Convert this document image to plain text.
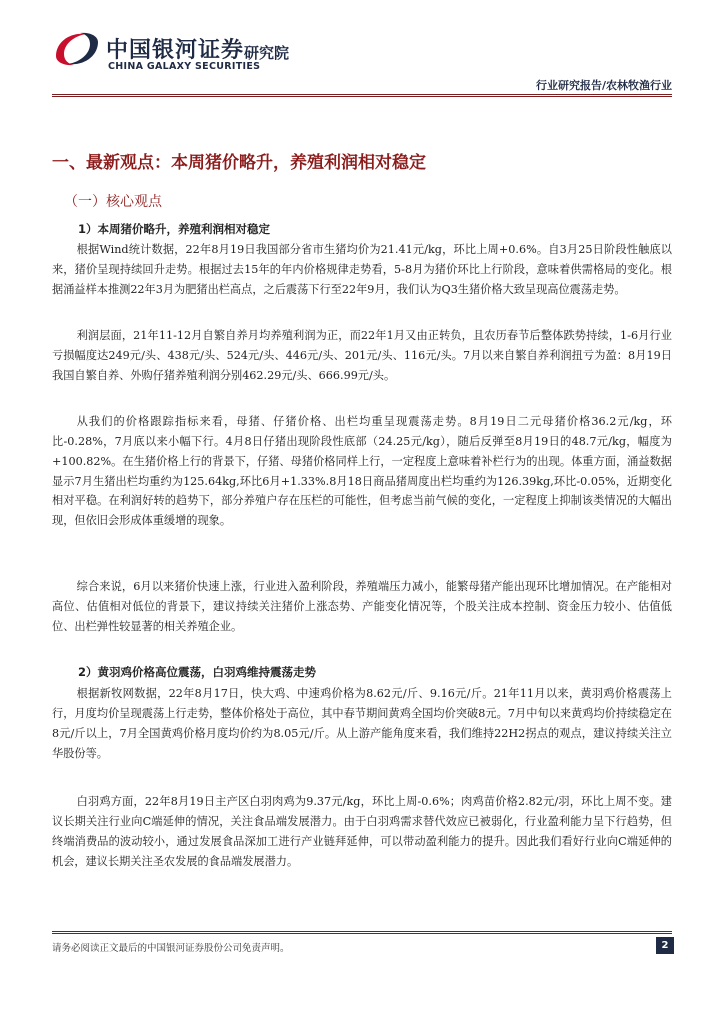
中国银河证券
CHINA GALAXY SECURITIES
研究院
行业研究报告/农林牧渔行业
一、最新观点：本周猪价略升，养殖利润相对稳定
（一）核心观点
1）本周猪价略升，养殖利润相对稳定

根据Wind统计数据，22年8月19日我国部分省市生猪均价为21.41元/kg，环比上周+0.6%。自3月25日阶段性触底以来，猪价呈现持续回升走势。根据过去15年的年内价格规律走势看，5-8月为猪价环比上行阶段，意味着供需格局的变化。根据涌益样本推测22年3月为肥猪出栏高点，之后震荡下行至22年9月，我们认为Q3生猪价格大致呈现高位震荡走势。

利润层面，21年11-12月自繁自养月均养殖利润为正，而22年1月又由正转负，且农历春节后整体跌势持续，1-6月行业亏损幅度达249元/头、438元/头、524元/头、446元/头、201元/头、116元/头。7月以来自繁自养利润扭亏为盈：8月19日我国自繁自养、外购仔猪养殖利润分别462.29元/头、666.99元/头。

从我们的价格跟踪指标来看，母猪、仔猪价格、出栏均重呈现震荡走势。8月19日二元母猪价格36.2元/kg，环比-0.28%，7月底以来小幅下行。4月8日仔猪出现阶段性底部（24.25元/kg），随后反弹至8月19日的48.7元/kg，幅度为+100.82%。在生猪价格上行的背景下，仔猪、母猪价格同样上行，一定程度上意味着补栏行为的出现。体重方面，涌益数据显示7月生猪出栏均重约为125.64kg,环比6月+1.33%.8月18日商品猪周度出栏均重约为126.39kg,环比-0.05%，近期变化相对平稳。在利润好转的趋势下，部分养殖户存在压栏的可能性，但考虑当前气候的变化，一定程度上抑制该类情况的大幅出现，但依旧会形成体重缓增的现象。

综合来说，6月以来猪价快速上涨，行业进入盈利阶段，养殖端压力减小，能繁母猪产能出现环比增加情况。在产能相对高位、估值相对低位的背景下，建议持续关注猪价上涨态势、产能变化情况等，个股关注成本控制、资金压力较小、估值低位、出栏弹性较显著的相关养殖企业。

2）黄羽鸡价格高位震荡，白羽鸡维持震荡走势

根据新牧网数据，22年8月17日，快大鸡、中速鸡价格为8.62元/斤、9.16元/斤。21年11月以来，黄羽鸡价格震荡上行，月度均价呈现震荡上行走势，整体价格处于高位，其中春节期间黄鸡全国均价突破8元。7月中旬以来黄鸡均价持续稳定在8元/斤以上，7月全国黄鸡价格月度均价约为8.05元/斤。从上游产能角度来看，我们维持22H2拐点的观点，建议持续关注立华股份等。

白羽鸡方面，22年8月19日主产区白羽肉鸡为9.37元/kg，环比上周-0.6%；肉鸡苗价格2.82元/羽，环比上周不变。建议长期关注行业向C端延伸的情况，关注食品端发展潜力。由于白羽鸡需求替代效应已被弱化，行业盈利能力呈下行趋势，但终端消费品的波动较小，通过发展食品深加工进行产业链拜延伸，可以带动盈利能力的提升。因此我们看好行业向C端延伸的机会，建议长期关注圣农发展的食品端发展潜力。

请务必阅读正文最后的中国银河证券股份公司免责声明。	2
